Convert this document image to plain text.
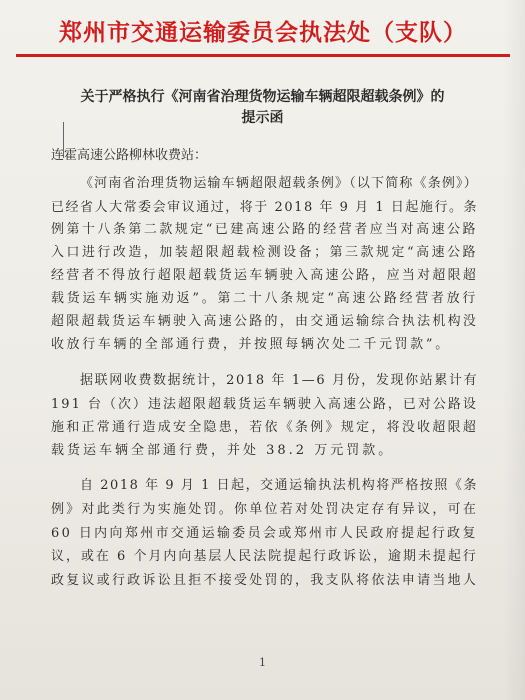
郑州市交通运输委员会执法处（支队）
关于严格执行《河南省治理货物运输车辆超限超载条例》的
提示函
连霍高速公路柳林收费站：
《河南省治理货物运输车辆超限超载条例》（以下简称《条例》）
已经省人大常委会审议通过，将于 2018 年 9 月 1 日起施行。条
例第十八条第二款规定“已建高速公路的经营者应当对高速公路
入口进行改造，加装超限超载检测设备；第三款规定“高速公路
经营者不得放行超限超载货运车辆驶入高速公路，应当对超限超
载货运车辆实施劝返”。第二十八条规定“高速公路经营者放行
超限超载货运车辆驶入高速公路的，由交通运输综合执法机构没
收放行车辆的全部通行费，并按照每辆次处二千元罚款”。
据联网收费数据统计，2018 年 1—6 月份，发现你站累计有
191 台（次）违法超限超载货运车辆驶入高速公路，已对公路设
施和正常通行造成安全隐患，若依《条例》规定，将没收超限超
载货运车辆全部通行费，并处 38.2 万元罚款。
自 2018 年 9 月 1 日起，交通运输执法机构将严格按照《条
例》对此类行为实施处罚。你单位若对处罚决定存有异议，可在
60 日内向郑州市交通运输委员会或郑州市人民政府提起行政复
议，或在 6 个月内向基层人民法院提起行政诉讼，逾期未提起行
政复议或行政诉讼且拒不接受处罚的，我支队将依法申请当地人
1
